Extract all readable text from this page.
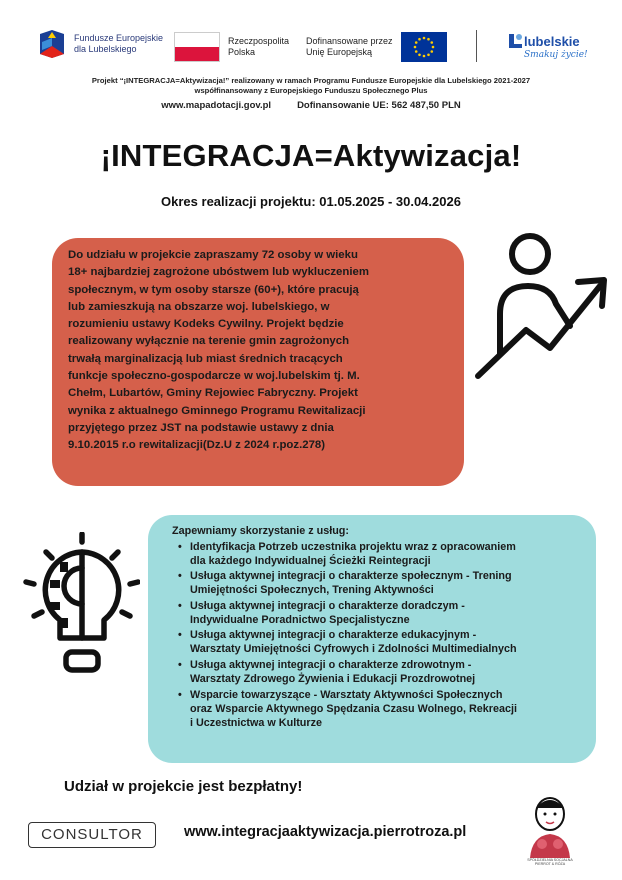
Fundusze Europejskie
dla Lubelskiego
Rzeczpospolita
Polska
Dofinansowane przez
Unię Europejską
lubelskie
Smakuj życie!
Projekt “¡INTEGRACJA=Aktywizacja!” realizowany w ramach Programu Fundusze Europejskie dla Lubelskiego 2021-2027
współfinansowany z Europejskiego Funduszu Społecznego Plus
www.mapadotacji.gov.pl	Dofinansowanie UE: 562 487,50 PLN
¡INTEGRACJA=Aktywizacja!
Okres realizacji projektu: 01.05.2025 - 30.04.2026

Do udziału w projekcie zapraszamy 72 osoby w wieku
18+ najbardziej zagrożone ubóstwem lub wykluczeniem
społecznym, w tym osoby starsze (60+), które pracują
lub zamieszkują na obszarze woj. lubelskiego, w
rozumieniu ustawy Kodeks Cywilny. Projekt będzie
realizowany wyłącznie na terenie gmin zagrożonych
trwałą marginalizacją lub miast średnich tracących
funkcje społeczno-gospodarcze w woj.lubelskim tj. M.
Chełm, Lubartów, Gminy Rejowiec Fabryczny. Projekt
wynika z aktualnego Gminnego Programu Rewitalizacji
przyjętego przez JST na podstawie ustawy z dnia
9.10.2015 r.o rewitalizacji(Dz.U z 2024 r.poz.278)

Zapewniamy skorzystanie z usług:
• Identyfikacja Potrzeb uczestnika projektu wraz z opracowaniem
dla każdego Indywidualnej Ścieżki Reintegracji
• Usługa aktywnej integracji o charakterze społecznym - Trening
Umiejętności Społecznych, Trening Aktywności
• Usługa aktywnej integracji o charakterze doradczym -
Indywidualne Poradnictwo Specjalistyczne
• Usługa aktywnej integracji o charakterze edukacyjnym -
Warsztaty Umiejętności Cyfrowych i Zdolności Multimedialnych
• Usługa aktywnej integracji o charakterze zdrowotnym -
Warsztaty Zdrowego Żywienia i Edukacji Prozdrowotnej
• Wsparcie towarzyszące - Warsztaty Aktywności Społecznych
oraz Wsparcie Aktywnego Spędzania Czasu Wolnego, Rekreacji
i Uczestnictwa w Kulturze
Udział w projekcie jest bezpłatny!
CONSULTOR	www.integracjaaktywizacja.pierrotroza.pl
SPÓŁDZIELNIA SOCJALNA
PIERROT & RÓŻA
